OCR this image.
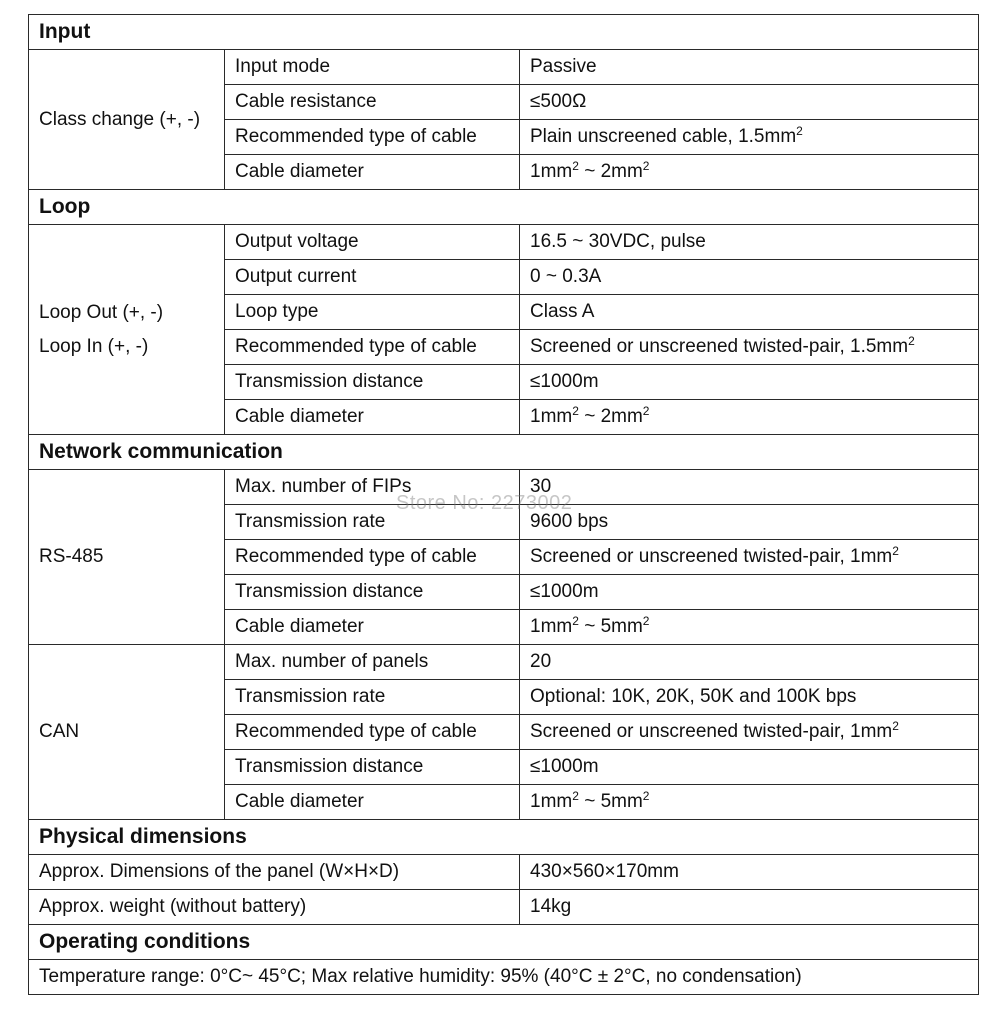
Input		
Class change (+, -)	Input mode	Passive
	Cable resistance	≤500Ω
	Recommended type of cable	Plain unscreened cable, $1.5mm^2$
	Cable diameter	$1mm^2$ ~ $2mm^2$
Loop		

Loop Out (+, -)
Loop In (+, -)	Output voltage	16.5 ~ 30VDC, pulse
	Output current	0 ~ 0.3A
	Loop type	Class A
	Recommended type of cable	Screened or unscreened twisted-pair, $1.5mm^2$
	Transmission distance	≤1000m
	Cable diameter	$1mm^2$ ~ $2mm^2$
Network communication		
RS-485	Max. number of FIPs	30
	Transmission rate	9600 bps
	Recommended type of cable	Screened or unscreened twisted-pair, $1mm^2$
	Transmission distance	≤1000m
	Cable diameter	$1mm^2$ ~ $5mm^2$
CAN	Max. number of panels	20
	Transmission rate	Optional: 10K, 20K, 50K and 100K bps
	Recommended type of cable	Screened or unscreened twisted-pair, $1mm^2$
	Transmission distance	≤1000m
	Cable diameter	$1mm^2$ ~ $5mm^2$
Physical dimensions		
Approx. Dimensions of the panel (W×H×D)		430×560×170mm
Approx. weight (without battery)		14kg
Operating conditions		
Temperature range: 0°C~ 45°C; Max relative humidity: 95% (40°C ± 2°C, no condensation)		
Store No: 2273002
